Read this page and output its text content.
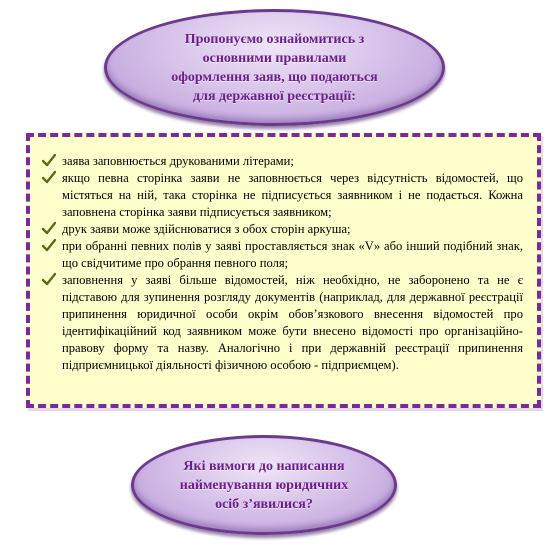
Пропонуємо ознайомитись з
основними правилами
оформлення заяв, що подаються
для державної реєстрації:
заява заповнюється друкованими літерами;
якщо певна сторінка заяви не заповнюється через відсутність відомостей, що містяться на ній, така сторінка не підписується заявником і не подається. Кожна заповнена сторінка заяви підписується заявником;
друк заяви може здійснюватися з обох сторін аркуша;
при обранні певних полів у заяві проставляється знак «V» або інший подібний знак, що свідчитиме про обрання певного поля;
заповнення у заяві більше відомостей, ніж необхідно, не заборонено та не є підставою для зупинення розгляду документів (наприклад, для державної реєстрації припинення юридичної особи окрім обов’язкового внесення відомостей про ідентифікаційний код заявником може бути внесено відомості про організаційно-правову форму та назву. Аналогічно і при державній реєстрації припинення підприємницької діяльності фізичною особою - підприємцем).
Які вимоги до написання
найменування юридичних
осіб з’явилися?
